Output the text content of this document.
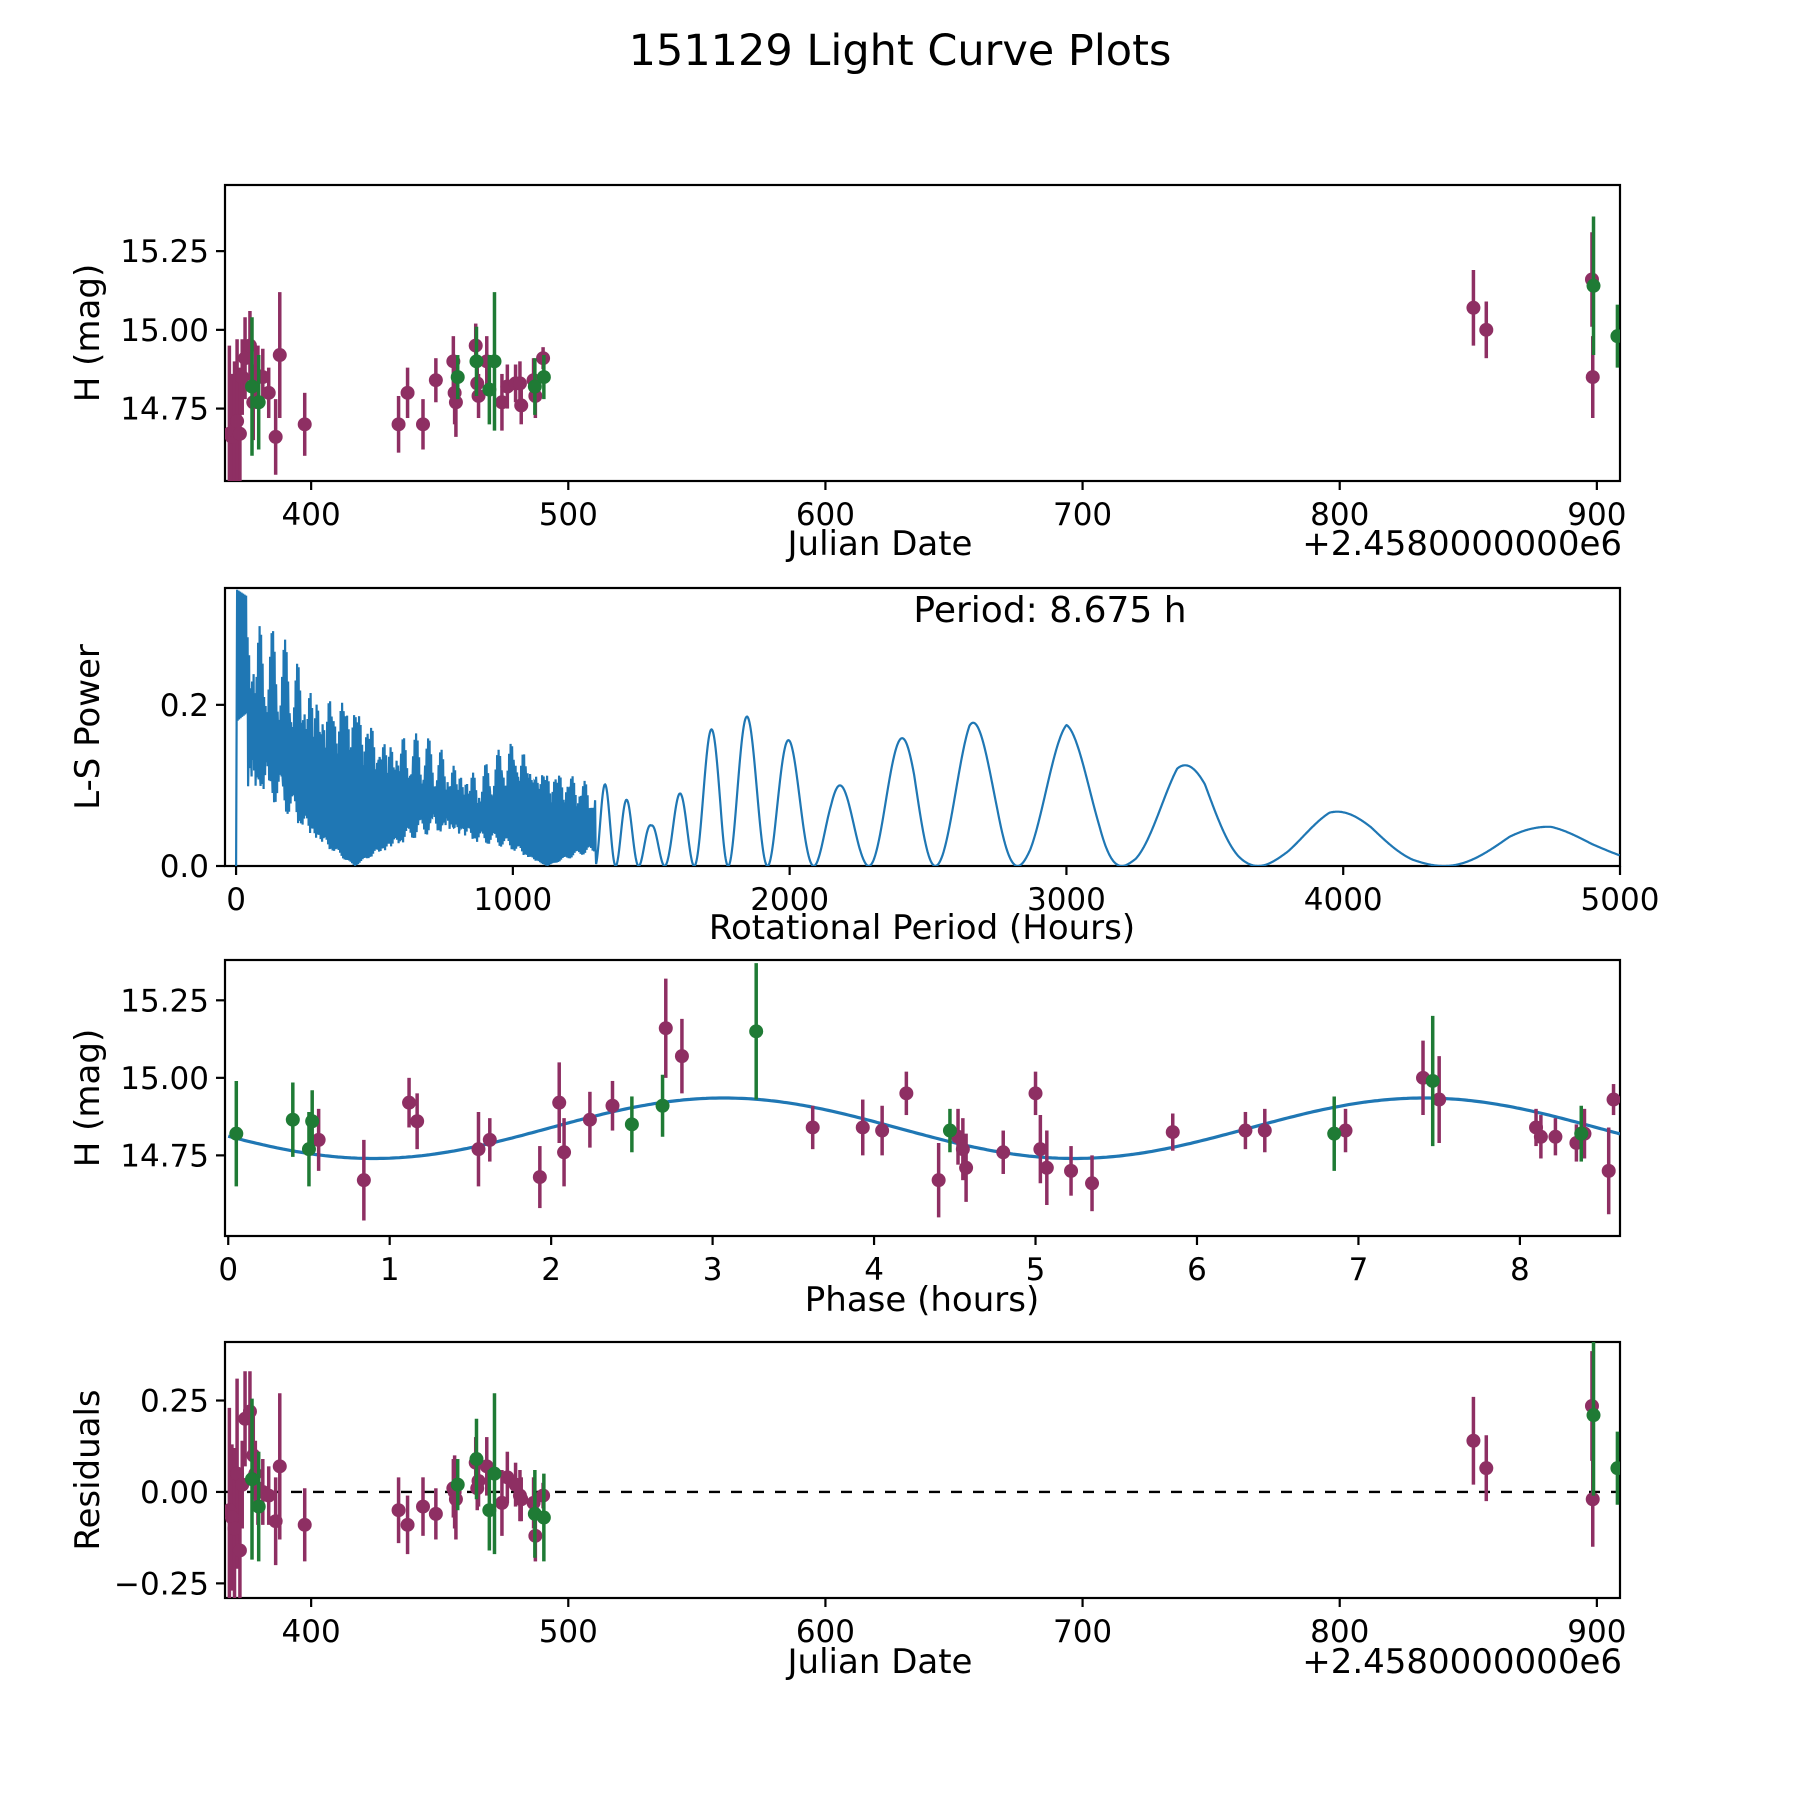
151129 Light Curve Plots
400	500	600	700	800	900
14.75
15.00
15.25
0	1000	2000	3000	4000	5000
0.0
0.2
0	1	2	3	4	5	6	7	8
14.75
15.00
15.25
400	500	600	700	800	900
−0.25
0.00
0.25
H (mag)
Julian Date	+2.4580000000e6
L-S Power
Period: 8.675 h
Rotational Period (Hours)
H (mag)
Phase (hours)
Residuals
Julian Date	+2.4580000000e6
